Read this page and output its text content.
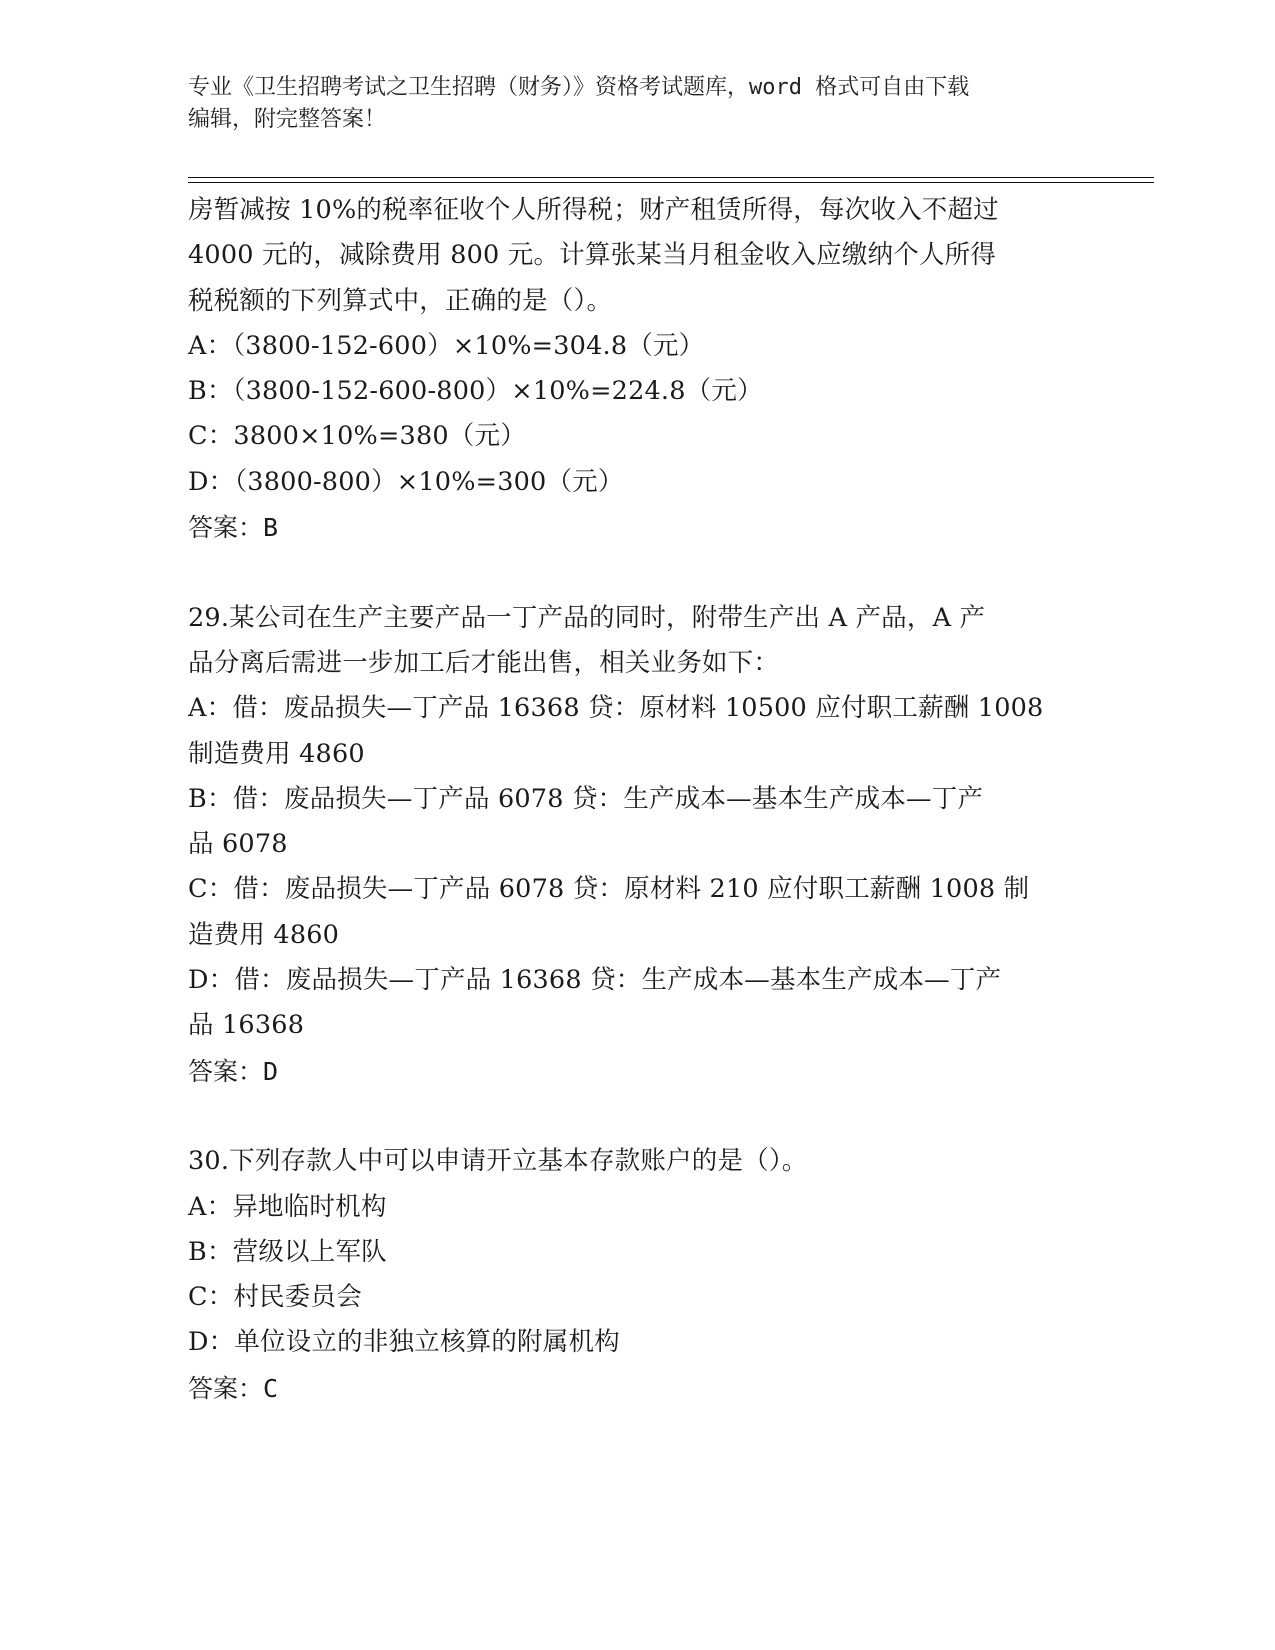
专业《卫生招聘考试之卫生招聘（财务）》资格考试题库，word 格式可自由下载
编辑，附完整答案！
房暂减按 10%的税率征收个人所得税；财产租赁所得，每次收入不超过
4000 元的，减除费用 800 元。计算张某当月租金收入应缴纳个人所得
税税额的下列算式中，正确的是（）。
A：（3800-152-600）×10%=304.8（元）
B：（3800-152-600-800）×10%=224.8（元）
C：3800×10%=380（元）
D：（3800-800）×10%=300（元）
答案：B
29.某公司在生产主要产品一丁产品的同时，附带生产出 A 产品，A 产
品分离后需进一步加工后才能出售，相关业务如下：
A：借：废品损失—丁产品 16368 贷：原材料 10500 应付职工薪酬 1008
制造费用 4860
B：借：废品损失—丁产品 6078 贷：生产成本—基本生产成本—丁产
品 6078
C：借：废品损失—丁产品 6078 贷：原材料 210 应付职工薪酬 1008 制
造费用 4860
D：借：废品损失—丁产品 16368 贷：生产成本—基本生产成本—丁产
品 16368
答案：D
30.下列存款人中可以申请开立基本存款账户的是（）。
A：异地临时机构
B：营级以上军队
C：村民委员会
D：单位设立的非独立核算的附属机构
答案：C
